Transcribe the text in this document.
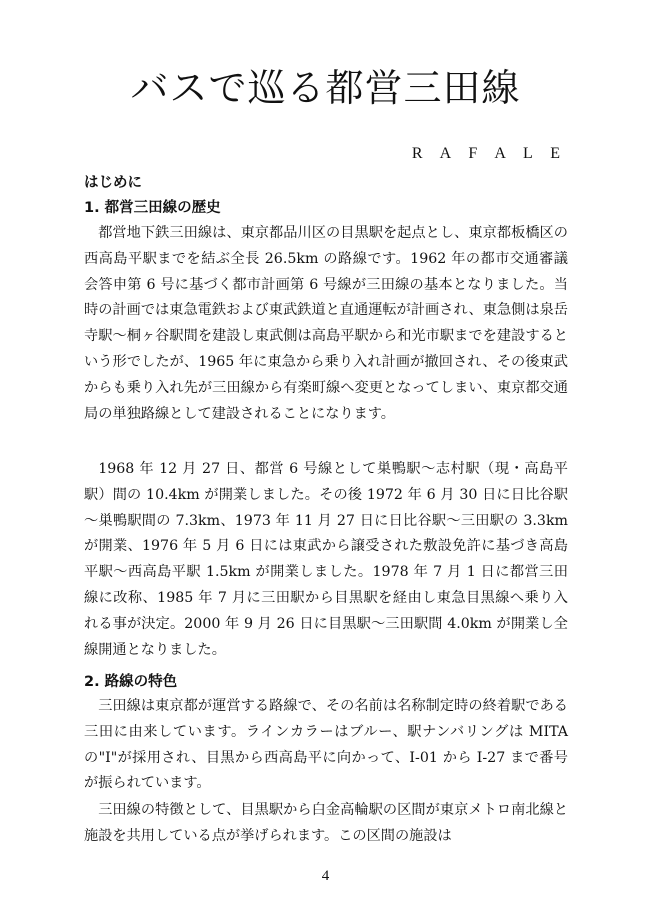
バスで巡る都営三田線
R A F A L E
はじめに
1. 都営三田線の歴史

都営地下鉄三田線は、東京都品川区の目黒駅を起点とし、東京都板橋区の西高島平駅までを結ぶ全長 26.5km の路線です。1962 年の都市交通審議会答申第 6 号に基づく都市計画第 6 号線が三田線の基本となりました。当時の計画では東急電鉄および東武鉄道と直通運転が計画され、東急側は泉岳寺駅～桐ヶ谷駅間を建設し東武側は高島平駅から和光市駅までを建設するという形でしたが、1965 年に東急から乗り入れ計画が撤回され、その後東武からも乗り入れ先が三田線から有楽町線へ変更となってしまい、東京都交通局の単独路線として建設されることになります。

1968 年 12 月 27 日、都営 6 号線として巣鴨駅～志村駅（現・高島平駅）間の 10.4km が開業しました。その後 1972 年 6 月 30 日に日比谷駅～巣鴨駅間の 7.3km、1973 年 11 月 27 日に日比谷駅～三田駅の 3.3km が開業、1976 年 5 月 6 日には東武から譲受された敷設免許に基づき高島平駅～西高島平駅 1.5km が開業しました。1978 年 7 月 1 日に都営三田線に改称、1985 年 7 月に三田駅から目黒駅を経由し東急目黒線へ乗り入れる事が決定。2000 年 9 月 26 日に目黒駅～三田駅間 4.0km が開業し全線開通となりました。

2. 路線の特色

三田線は東京都が運営する路線で、その名前は名称制定時の終着駅である三田に由来しています。ラインカラーはブルー、駅ナンバリングは MITA の"I"が採用され、目黒から西高島平に向かって、I-01 から I-27 まで番号が振られています。

三田線の特徴として、目黒駅から白金高輪駅の区間が東京メトロ南北線と施設を共用している点が挙げられます。この区間の施設は

4
